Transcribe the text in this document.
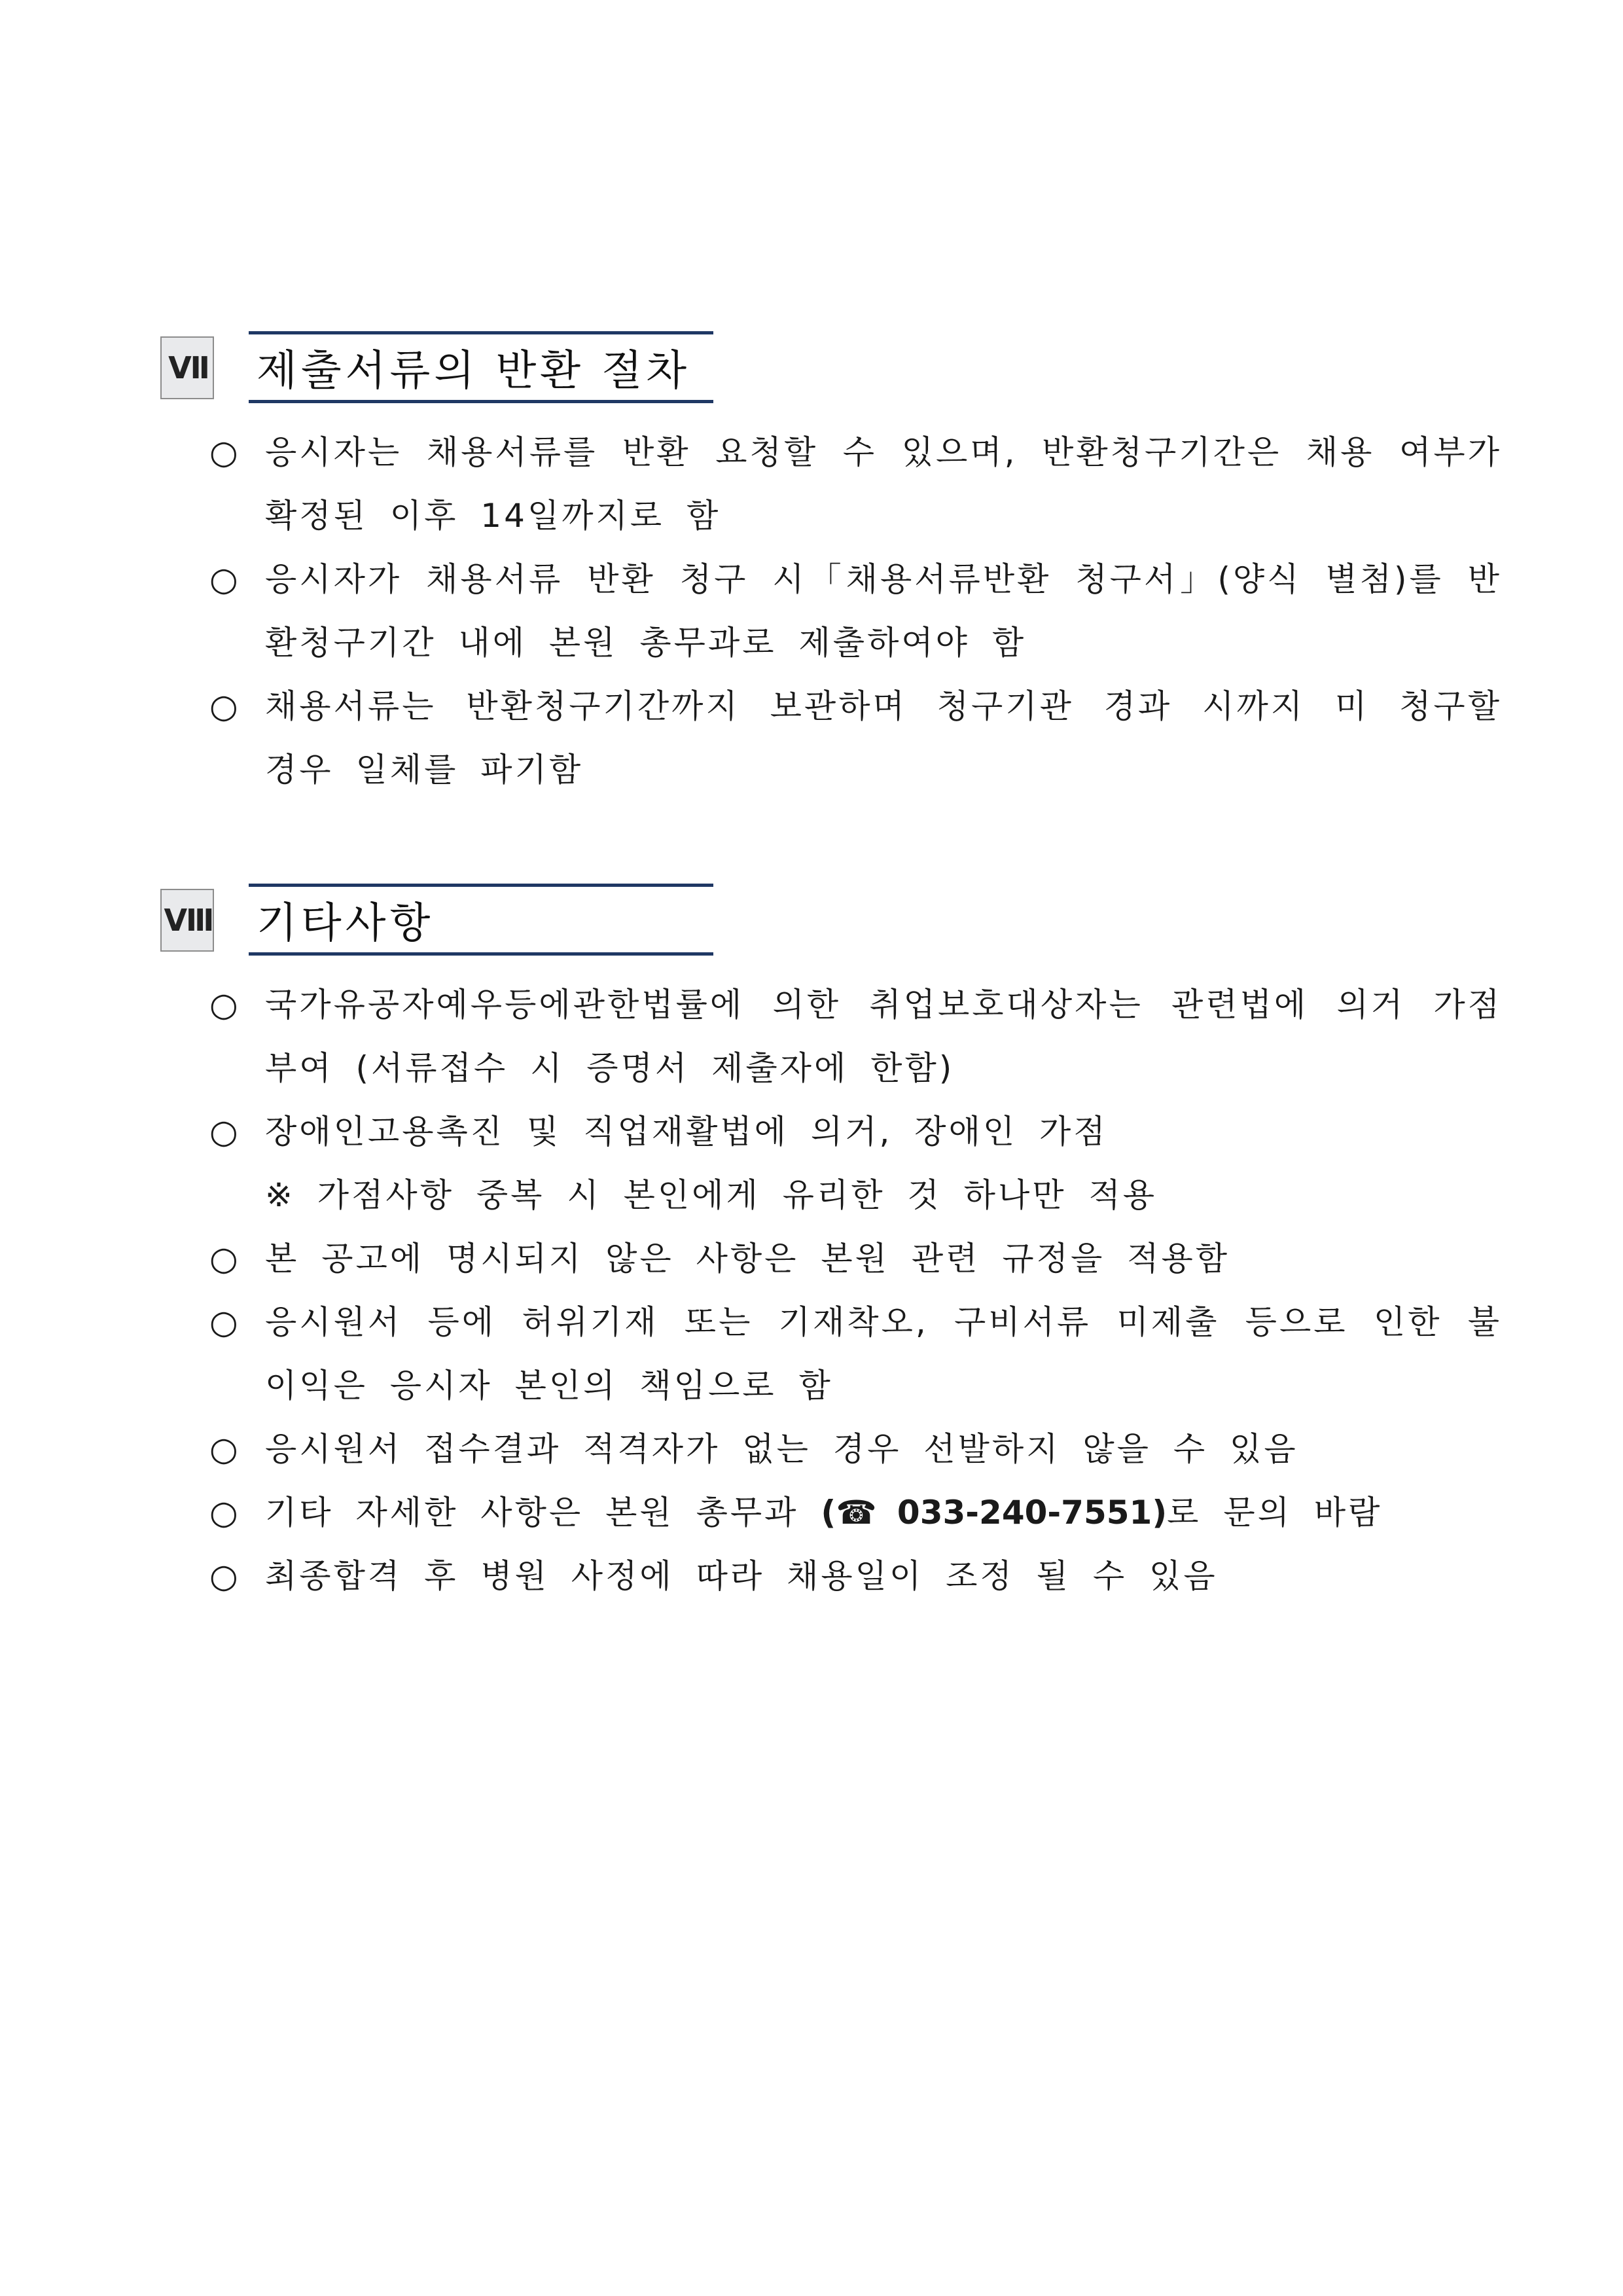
Ⅶ 제출서류의 반환 절차
○ 응시자는 채용서류를 반환 요청할 수 있으며, 반환청구기간은 채용 여부가 확정된 이후 14일까지로 함
○ 응시자가 채용서류 반환 청구 시「채용서류반환 청구서」(양식 별첨)를 반환청구기간 내에 본원 총무과로 제출하여야 함
○ 채용서류는 반환청구기간까지 보관하며 청구기관 경과 시까지 미 청구할 경우 일체를 파기함
Ⅷ 기타사항
○ 국가유공자예우등에관한법률에 의한 취업보호대상자는 관련법에 의거 가점부여 (서류접수 시 증명서 제출자에 한함)
○ 장애인고용촉진 및 직업재활법에 의거, 장애인 가점
※ 가점사항 중복 시 본인에게 유리한 것 하나만 적용
○ 본 공고에 명시되지 않은 사항은 본원 관련 규정을 적용함
○ 응시원서 등에 허위기재 또는 기재착오, 구비서류 미제출 등으로 인한 불이익은 응시자 본인의 책임으로 함
○ 응시원서 접수결과 적격자가 없는 경우 선발하지 않을 수 있음
○ 기타 자세한 사항은 본원 총무과 (☎ 033-240-7551)로 문의 바람
○ 최종합격 후 병원 사정에 따라 채용일이 조정 될 수 있음
